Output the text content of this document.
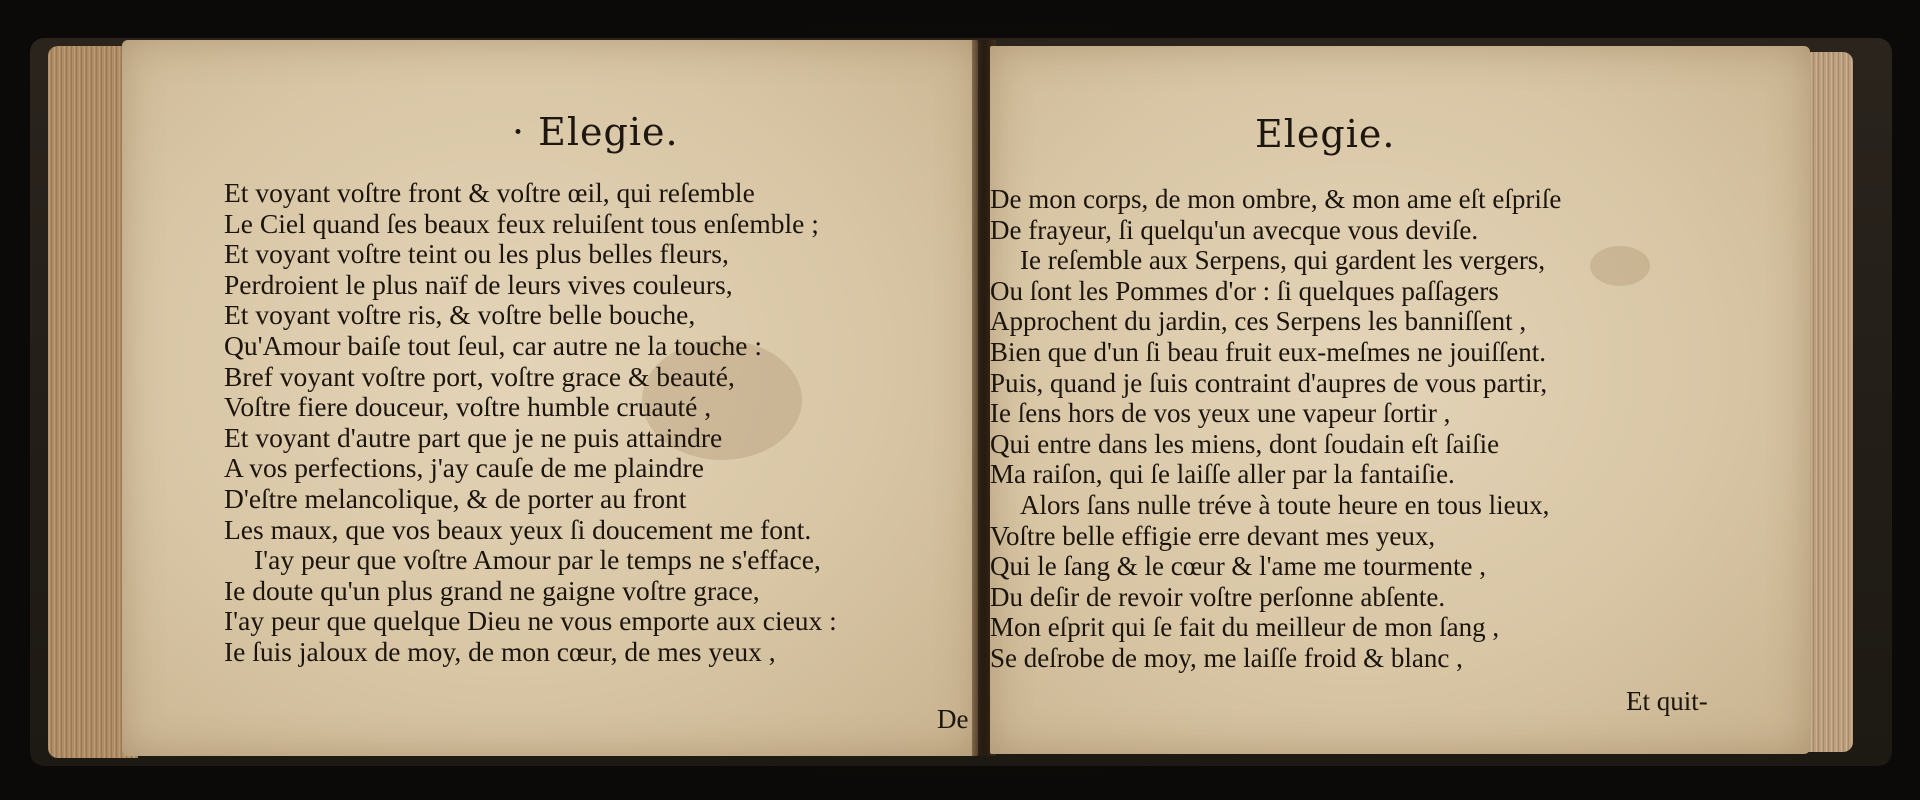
· Elegie.
Et voyant voſtre front & voſtre œil, qui reſemble
Le Ciel quand ſes beaux feux reluiſent tous enſemble ;
Et voyant voſtre teint ou les plus belles fleurs,
Perdroient le plus naïf de leurs vives couleurs,
Et voyant voſtre ris, & voſtre belle bouche,
Qu'Amour baiſe tout ſeul, car autre ne la touche :
Bref voyant voſtre port, voſtre grace & beauté,
Voſtre fiere douceur, voſtre humble cruauté ,
Et voyant d'autre part que je ne puis attaindre
A vos perfections, j'ay cauſe de me plaindre
D'eſtre melancolique, & de porter au front
Les maux, que vos beaux yeux ſi doucement me font.
I'ay peur que voſtre Amour par le temps ne s'efface,
Ie doute qu'un plus grand ne gaigne voſtre grace,
I'ay peur que quelque Dieu ne vous emporte aux cieux :
Ie ſuis jaloux de moy, de mon cœur, de mes yeux ,
De
Elegie.
De mon corps, de mon ombre, & mon ame eſt eſpriſe
De frayeur, ſi quelqu'un avecque vous deviſe.
Ie reſemble aux Serpens, qui gardent les vergers,
Ou ſont les Pommes d'or : ſi quelques paſſagers
Approchent du jardin, ces Serpens les banniſſent ,
Bien que d'un ſi beau fruit eux-meſmes ne jouiſſent.
Puis, quand je ſuis contraint d'aupres de vous partir,
Ie ſens hors de vos yeux une vapeur ſortir ,
Qui entre dans les miens, dont ſoudain eſt ſaiſie
Ma raiſon, qui ſe laiſſe aller par la fantaiſie.
Alors ſans nulle tréve à toute heure en tous lieux,
Voſtre belle effigie erre devant mes yeux,
Qui le ſang & le cœur & l'ame me tourmente ,
Du deſir de revoir voſtre perſonne abſente.
Mon eſprit qui ſe fait du meilleur de mon ſang ,
Se deſrobe de moy, me laiſſe froid & blanc ,
Et quit-
